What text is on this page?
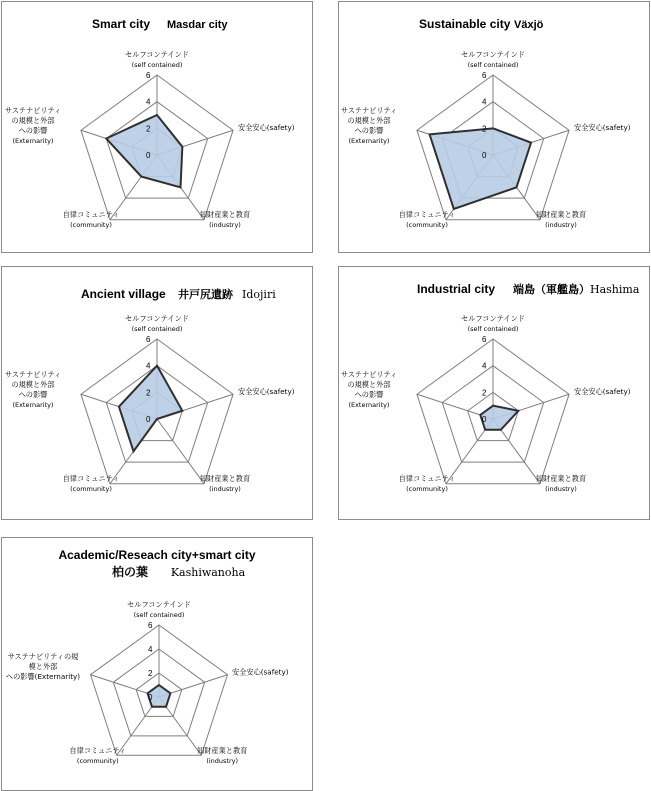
Smart city Masdar city
0
2
4
6
セルフコンテインド
(self contained)
安全安心(safety)
知財産業と教育
(industry)
自律コミュニティ
(community)
サステナビリティ
の規模と外部
への影響
(Externarity)
Sustainable city Växjö
0
2
4
6
セルフコンテインド
(self contained)
安全安心(safety)
知財産業と教育
(industry)
自律コミュニティ
(community)
サステナビリティ
の規模と外部
への影響
(Externarity)
Ancient village 井戸尻遺跡 Idojiri
0
2
4
6
セルフコンテインド
(self contained)
安全安心(safety)
知財産業と教育
(industry)
自律コミュニティ
(community)
サステナビリティ
の規模と外部
への影響
(Externarity)
Industrial city 端島（軍艦島） Hashima
0
2
4
6
セルフコンテインド
(self contained)
安全安心(safety)
知財産業と教育
(industry)
自律コミュニティ
(community)
サステナビリティ
の規模と外部
への影響
(Externarity)
Academic/Reseach city+smart city
柏の葉 Kashiwanoha
0
2
4
6
セルフコンテインド
(self contained)
安全安心(safety)
知財産業と教育
(industry)
自律コミュニティ
(community)
サステナビリティの規
模と外部
への影響(Externarity)
